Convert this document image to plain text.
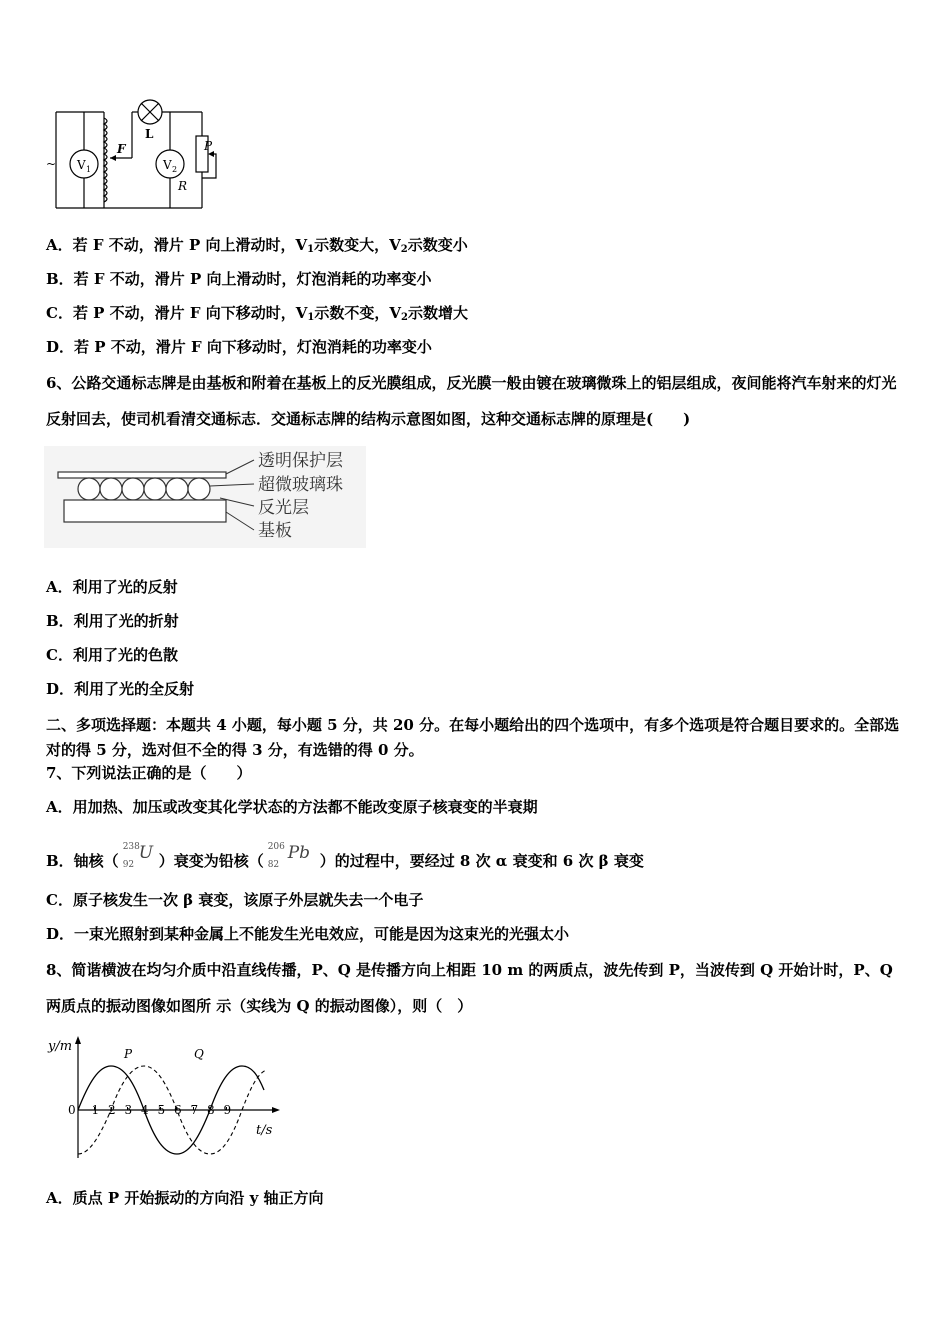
~ V 1	V 2
L
F
R
P
A．若 F 不动，滑片 P 向上滑动时，$V_1$示数变大，$V_2$示数变小
B．若 F 不动，滑片 P 向上滑动时，灯泡消耗的功率变小
C．若 P 不动，滑片 F 向下移动时，$V_1$示数不变，$V_2$示数增大
D．若 P 不动，滑片 F 向下移动时，灯泡消耗的功率变小
6、公路交通标志牌是由基板和附着在基板上的反光膜组成，反光膜一般由镀在玻璃微珠上的铝层组成，夜间能将汽车射来的灯光反射回去，使司机看清交通标志．交通标志牌的结构示意图如图，这种交通标志牌的原理是(　　)
透明保护层
超微玻璃珠
反光层
基板
A．利用了光的反射
B．利用了光的折射
C．利用了光的色散
D．利用了光的全反射
二、多项选择题：本题共 4 小题，每小题 5 分，共 20 分。在每小题给出的四个选项中，有多个选项是符合题目要求的。全部选对的得 5 分，选对但不全的得 3 分，有选错的得 0 分。
7、下列说法正确的是（　　）
A．用加热、加压或改变其化学状态的方法都不能改变原子核衰变的半衰期
B．铀核（
238
92
U ）衰变为铅核（
206
82
Pb ）的过程中，要经过 8 次 α 衰变和 6 次 β 衰变
C．原子核发生一次 β 衰变，该原子外层就失去一个电子
D．一束光照射到某种金属上不能发生光电效应，可能是因为这束光的光强太小
8、简谐横波在均匀介质中沿直线传播，P、Q 是传播方向上相距 10 m 的两质点，波先传到 P，当波传到 Q 开始计时，P、Q 两质点的振动图像如图所 示（实线为 Q 的振动图像），则（　）
y/m
t/s
0
P	Q
1 2 3 4 5 6 7 8 9
A．质点 P 开始振动的方向沿 y 轴正方向
